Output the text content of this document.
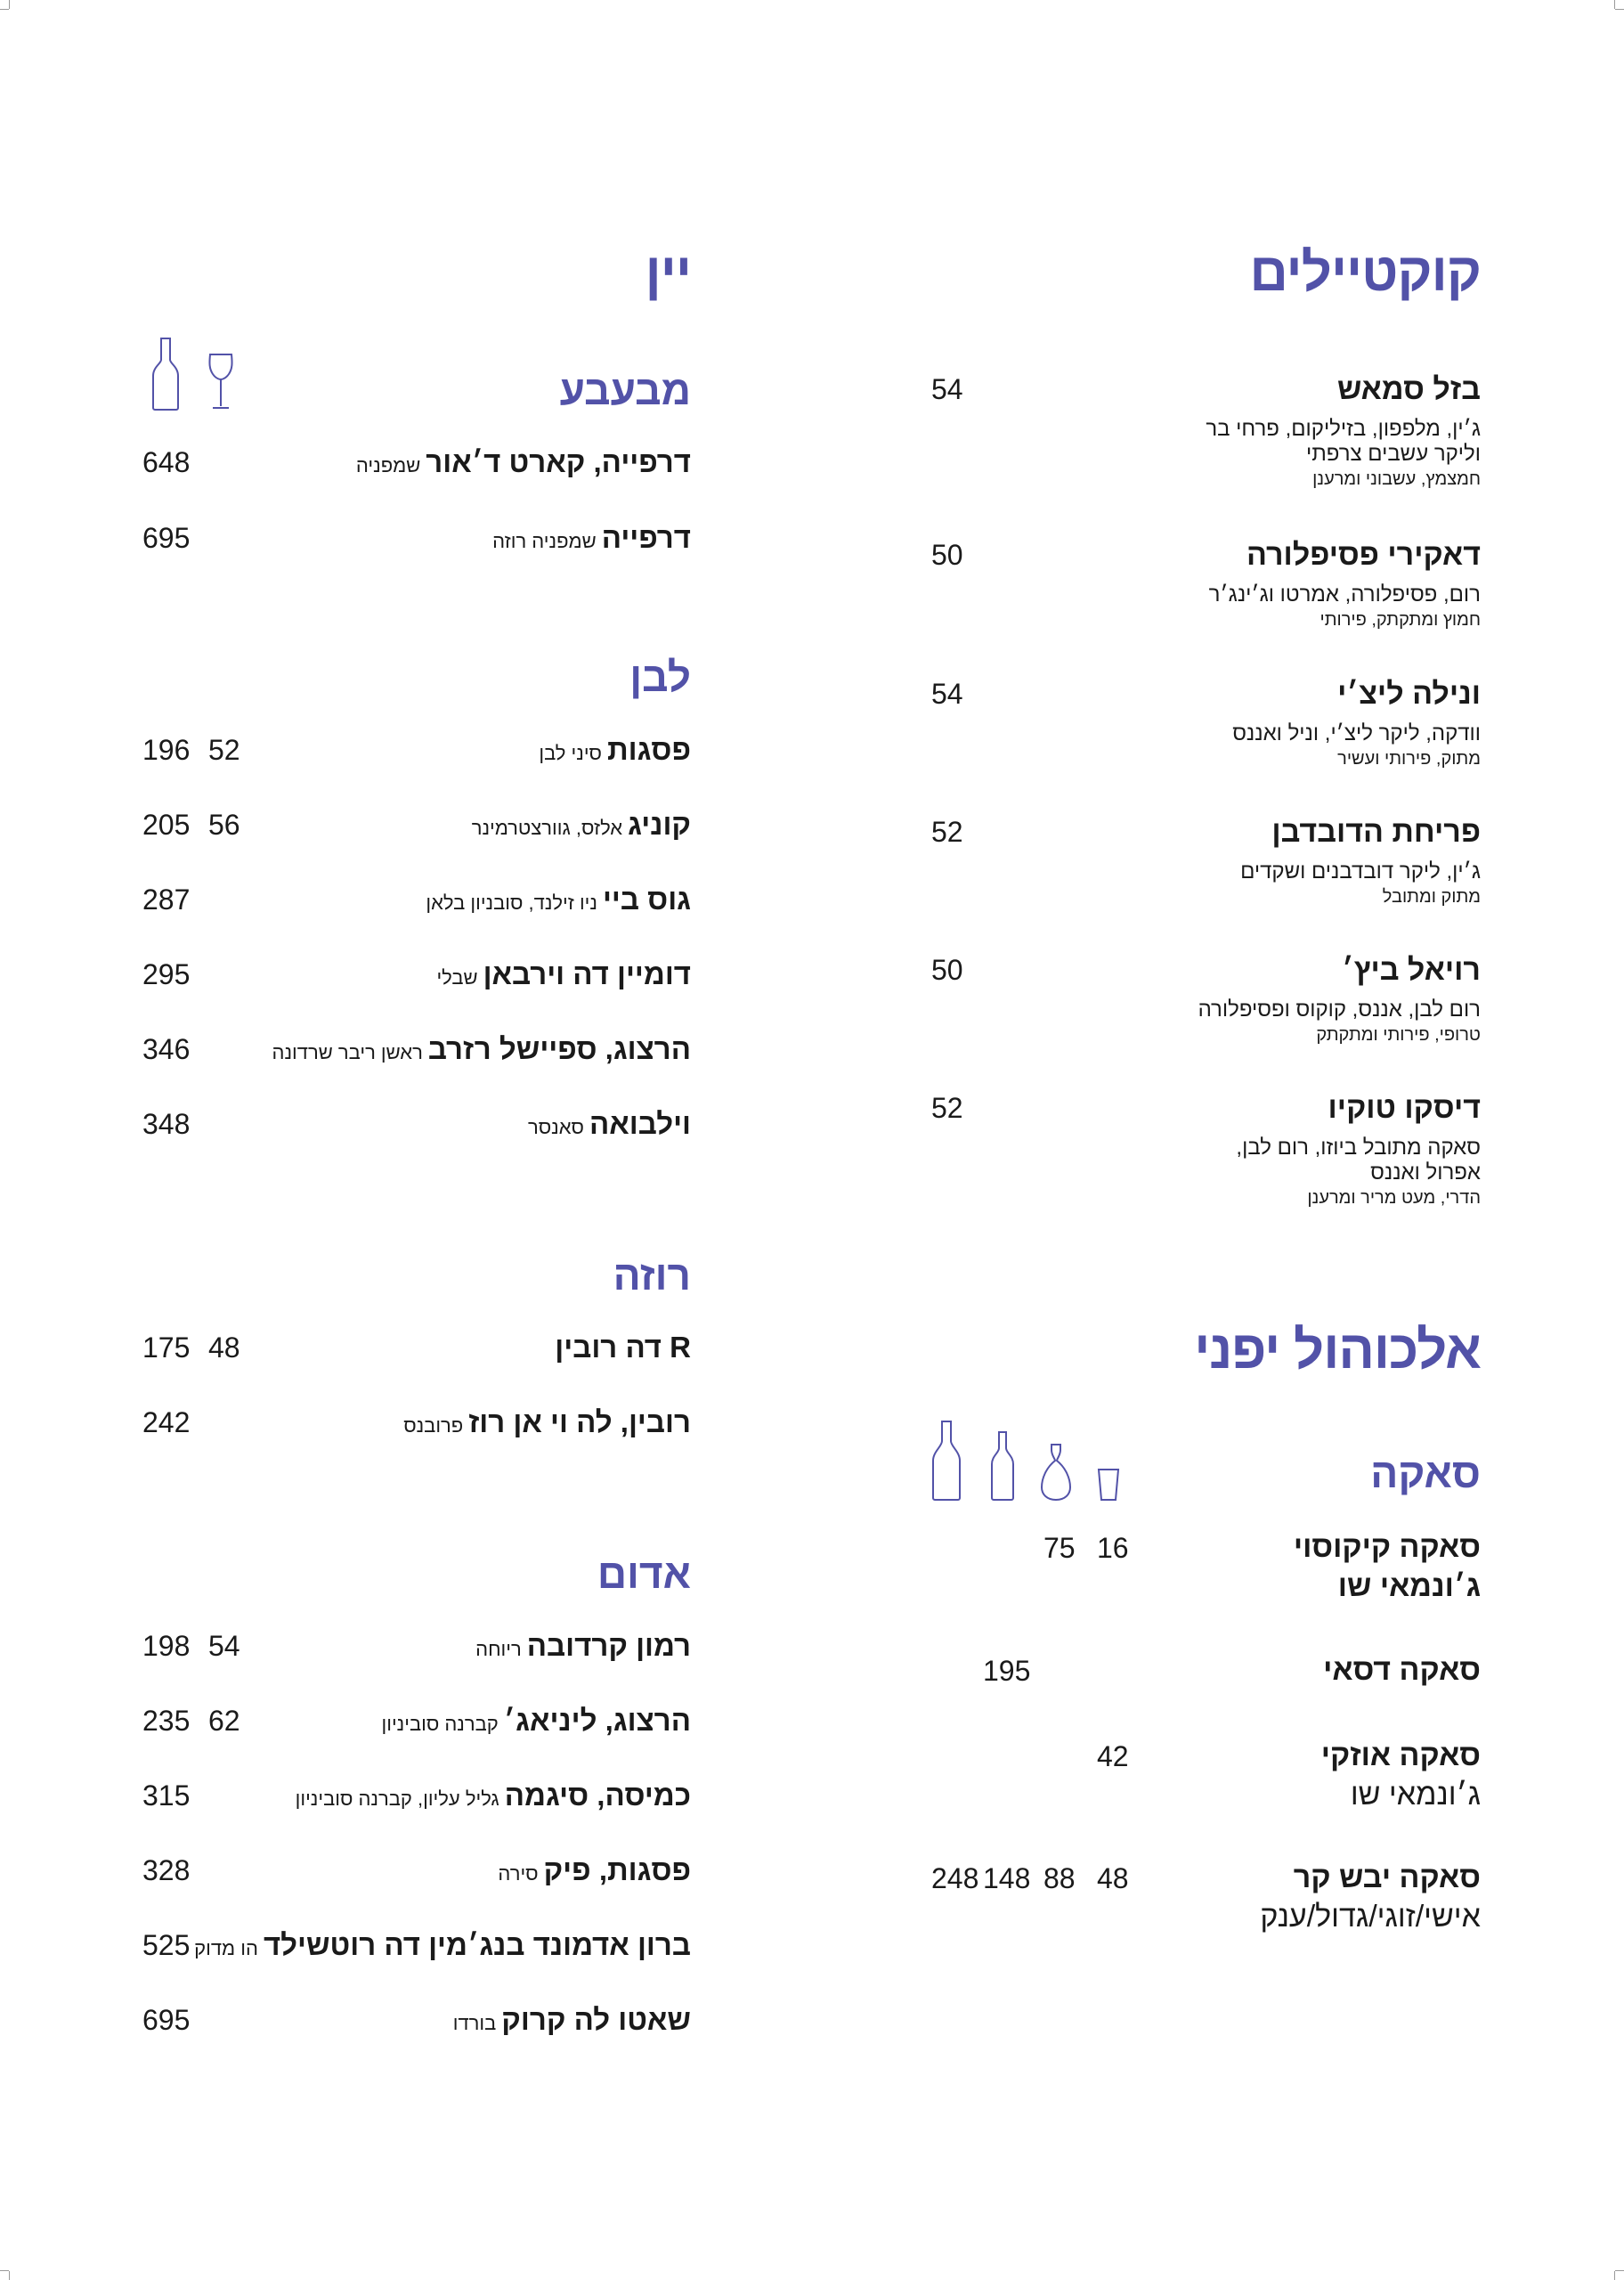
קוקטיילים
בזל סמאש
54
ג׳ין, מלפפון, בזיליקום, פרחי בר
וליקר עשבים צרפתי
חמצמץ, עשבוני ומרענן
דאקירי פסיפלורה
50
רום, פסיפלורה, אמרטו וג׳ינג׳ר
חמוץ ומתקתק, פירותי
ונילה ליצ׳י
54
וודקה, ליקר ליצ׳י, וניל ואננס
מתוק, פירותי ועשיר
פריחת הדובדבן
52
ג׳ין, ליקר דובדבנים ושקדים
מתוק ומתובל
רויאל ביץ׳
50
רום לבן, אננס, קוקוס ופסיפלורה
טרופי, פירותי ומתקתק
דיסקו טוקיו
52
סאקה מתובל ביוזו, רום לבן,
אפרול ואננס
הדרי, מעט מריר ומרענן
אלכוהול יפני
סאקה
סאקה קיקוסוי
ג׳ונמאי שו
75 16
סאקה דסאי
195
סאקה אוזקי
ג׳ונמאי שו
42
סאקה יבש קר
אישי/זוגי/גדול/ענק
248 148 88 48
יין
מבעבע
לבן
רוזה
אדום
דרפייה, קארט ד׳אורשמפניה
648
דרפייהשמפניה רוזה
695
פסגותסיני לבן
196 52
קוניגאלזס, גוורצטרמינר
205 56
גוס בייניו זילנד, סובניון בלאן
287
דומיין דה וירבאןשבלי
295
הרצוג, ספיישל רזרבראשן ריבר שרדונה
346
וילבואהסאנסר
348
R דה רובין
175 48
רובין, לה וי אן רוזפרובנס
242
רמון קרדובהריוחה
198 54
הרצוג, ליניאג׳קברנה סוביניון
235 62
כמיסה, סיגמהגליל עליון, קברנה סוביניון
315
פסגות, פיקסירה
328
ברון אדמונד בנג׳מין דה רוטשילדהו מדוק
525
שאטו לה קרוקבורדו
695
